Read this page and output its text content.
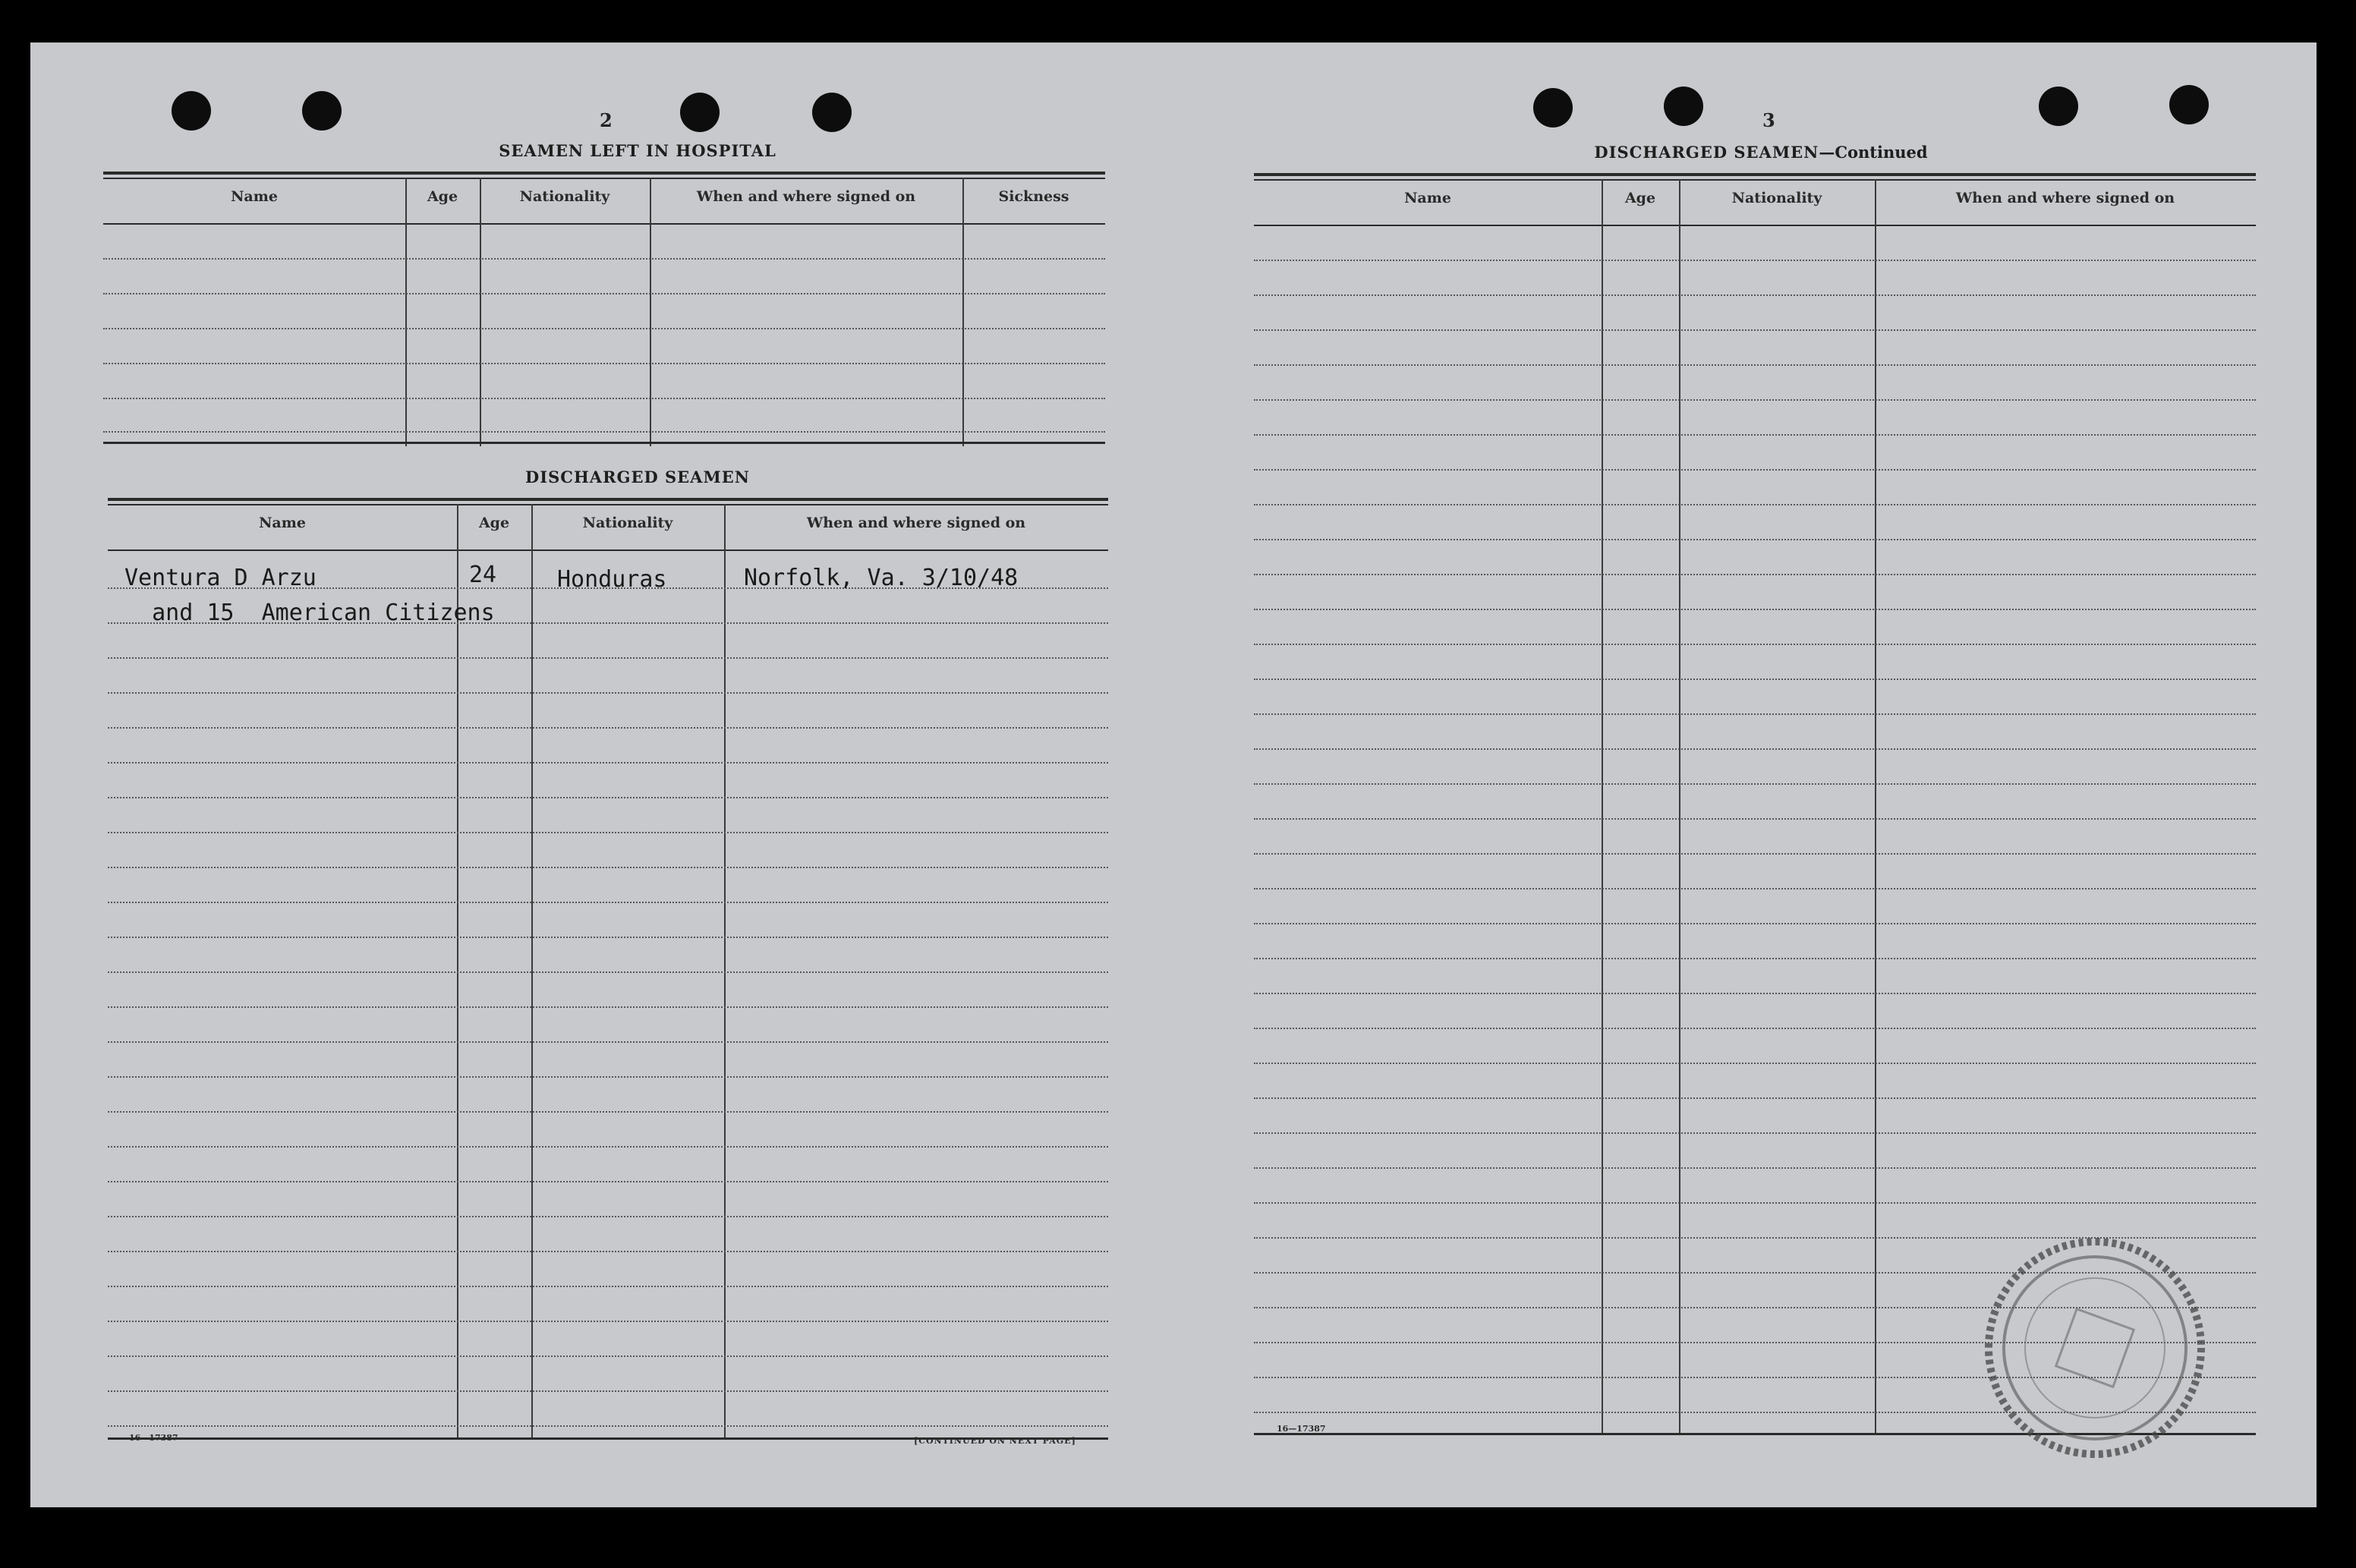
2
SEAMEN LEFT IN HOSPITAL
Name	Age	Nationality	When and where signed on	Sickness
DISCHARGED SEAMEN
Name	Age	Nationality	When and where signed on
Ventura D Arzu	24	Honduras	Norfolk, Va. 3/10/48
and 15  American Citizens
16—17387	[CONTINUED ON NEXT PAGE]
3
DISCHARGED SEAMEN—Continued
Name	Age	Nationality	When and where signed on
16—17387
